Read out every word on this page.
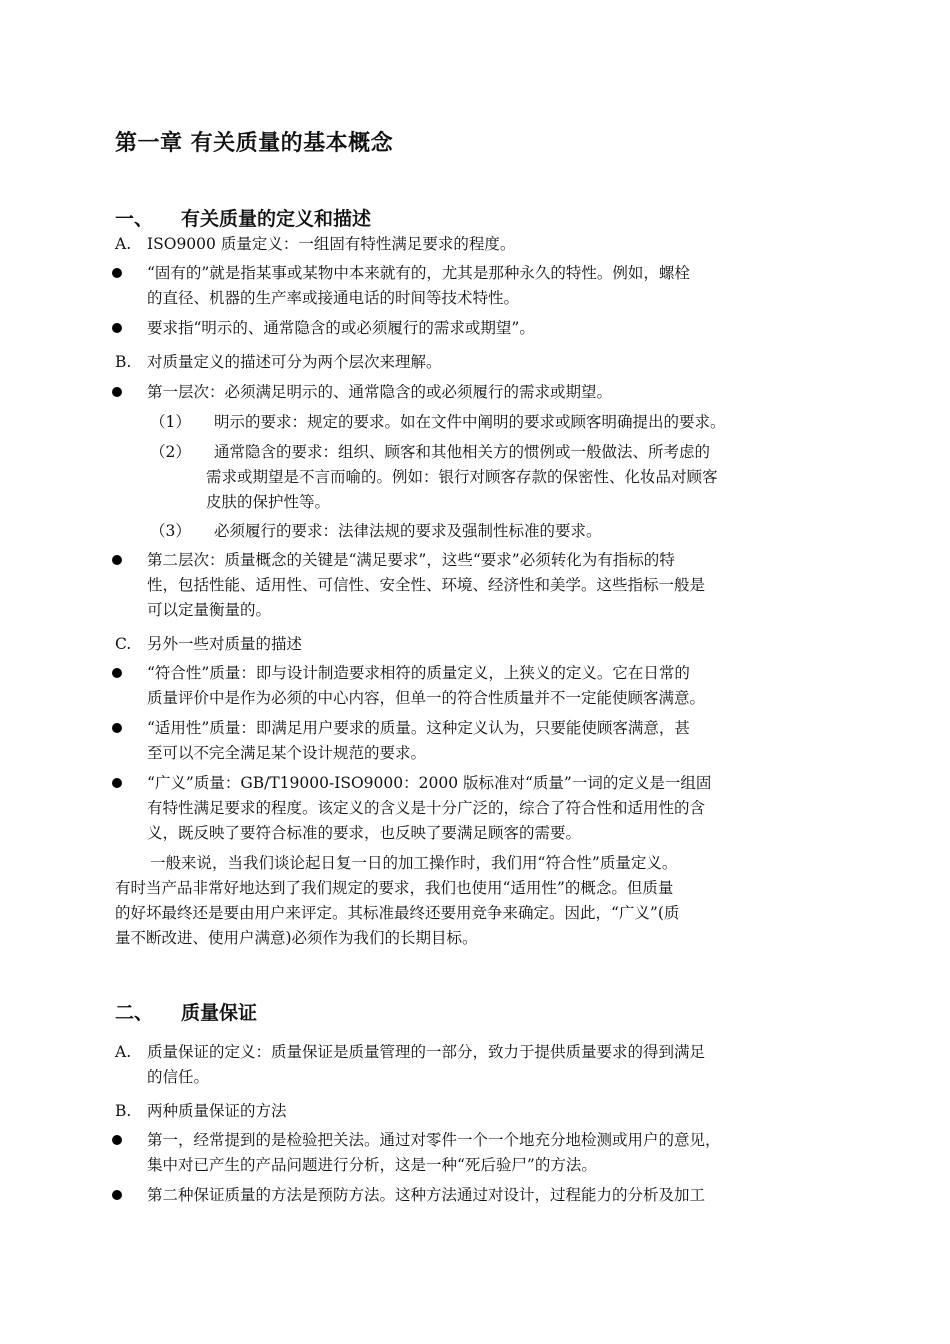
第一章 有关质量的基本概念
一、 有关质量的定义和描述
A. ISO9000 质量定义：一组固有特性满足要求的程度。
“固有的”就是指某事或某物中本来就有的，尤其是那种永久的特性。例如，螺栓
的直径、机器的生产率或接通电话的时间等技术特性。
要求指“明示的、通常隐含的或必须履行的需求或期望”。
B. 对质量定义的描述可分为两个层次来理解。
第一层次：必须满足明示的、通常隐含的或必须履行的需求或期望。
（1） 明示的要求：规定的要求。如在文件中阐明的要求或顾客明确提出的要求。
（2） 通常隐含的要求：组织、顾客和其他相关方的惯例或一般做法、所考虑的
需求或期望是不言而喻的。例如：银行对顾客存款的保密性、化妆品对顾客
皮肤的保护性等。
（3） 必须履行的要求：法律法规的要求及强制性标准的要求。
第二层次：质量概念的关键是“满足要求”，这些“要求”必须转化为有指标的特
性，包括性能、适用性、可信性、安全性、环境、经济性和美学。这些指标一般是
可以定量衡量的。
C. 另外一些对质量的描述
“符合性”质量：即与设计制造要求相符的质量定义，上狭义的定义。它在日常的
质量评价中是作为必须的中心内容，但单一的符合性质量并不一定能使顾客满意。
“适用性”质量：即满足用户要求的质量。这种定义认为，只要能使顾客满意，甚
至可以不完全满足某个设计规范的要求。
“广义”质量：GB/T19000-ISO9000：2000 版标准对“质量”一词的定义是一组固
有特性满足要求的程度。该定义的含义是十分广泛的，综合了符合性和适用性的含
义，既反映了要符合标准的要求，也反映了要满足顾客的需要。
一般来说，当我们谈论起日复一日的加工操作时，我们用“符合性”质量定义。
有时当产品非常好地达到了我们规定的要求，我们也使用“适用性”的概念。但质量
的好坏最终还是要由用户来评定。其标准最终还要用竞争来确定。因此，“广义”(质
量不断改进、使用户满意)必须作为我们的长期目标。
二、 质量保证
A. 质量保证的定义：质量保证是质量管理的一部分，致力于提供质量要求的得到满足
的信任。
B. 两种质量保证的方法
第一，经常提到的是检验把关法。通过对零件一个一个地充分地检测或用户的意见，
集中对已产生的产品问题进行分析，这是一种“死后验尸”的方法。
第二种保证质量的方法是预防方法。这种方法通过对设计，过程能力的分析及加工
